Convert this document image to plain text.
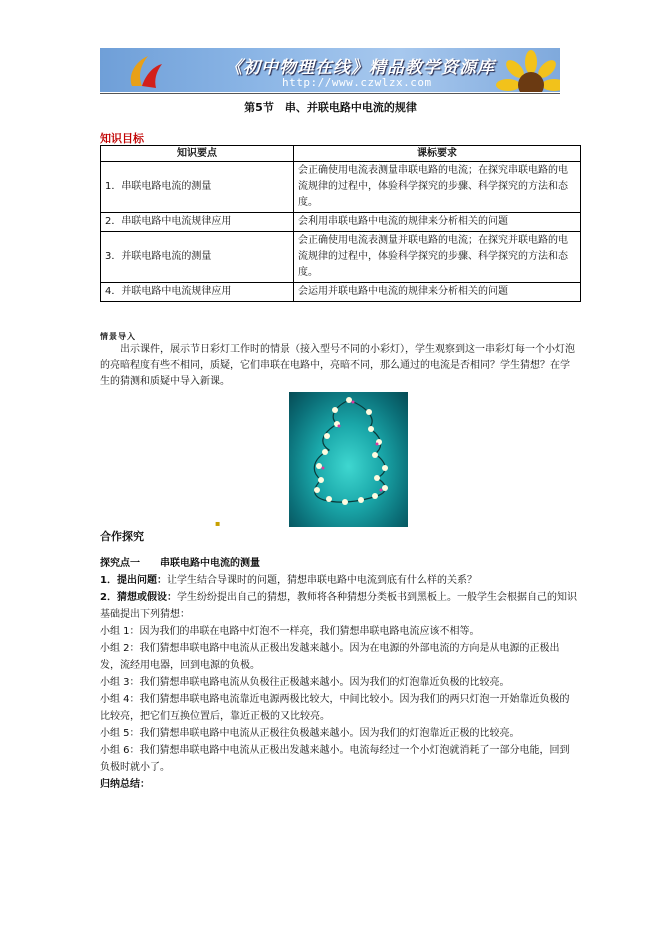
《初中物理在线》精品教学资源库
http://www.czwlzx.com
第5节　串、并联电路中电流的规律
知识目标
知识要点	课标要求
1．串联电路电流的测量	会正确使用电流表测量串联电路的电流；在探究串联电路的电流规律的过程中，体验科学探究的步骤、科学探究的方法和态度。
2．串联电路中电流规律应用	会利用串联电路中电流的规律来分析相关的问题
3．并联电路电流的测量	会正确使用电流表测量并联电路的电流；在探究并联电路的电流规律的过程中，体验科学探究的步骤、科学探究的方法和态度。
4．并联电路中电流规律应用	会运用并联电路中电流的规律来分析相关的问题
情景导入
出示课件，展示节日彩灯工作时的情景（接入型号不同的小彩灯），学生观察到这一串彩灯每一个小灯泡的亮暗程度有些不相同，质疑，它们串联在电路中，亮暗不同，那么通过的电流是否相同？学生猜想？在学生的猜测和质疑中导入新课。
▪
合作探究

探究点一　　串联电路中电流的测量

1．提出问题：让学生结合导课时的问题，猜想串联电路中电流到底有什么样的关系？

2．猜想或假设：学生纷纷提出自己的猜想，教师将各种猜想分类板书到黑板上。一般学生会根据自己的知识基础提出下列猜想：

小组 1：因为我们的串联在电路中灯泡不一样亮，我们猜想串联电路电流应该不相等。

小组 2：我们猜想串联电路中电流从正极出发越来越小。因为在电源的外部电流的方向是从电源的正极出发，流经用电器，回到电源的负极。

小组 3：我们猜想串联电路电流从负极往正极越来越小。因为我们的灯泡靠近负极的比较亮。

小组 4：我们猜想串联电路电流靠近电源两极比较大，中间比较小。因为我们的两只灯泡一开始靠近负极的比较亮，把它们互换位置后，靠近正极的又比较亮。

小组 5：我们猜想串联电路中电流从正极往负极越来越小。因为我们的灯泡靠近正极的比较亮。

小组 6：我们猜想串联电路中电流从正极出发越来越小。电流每经过一个小灯泡就消耗了一部分电能，回到负极时就小了。

归纳总结：
